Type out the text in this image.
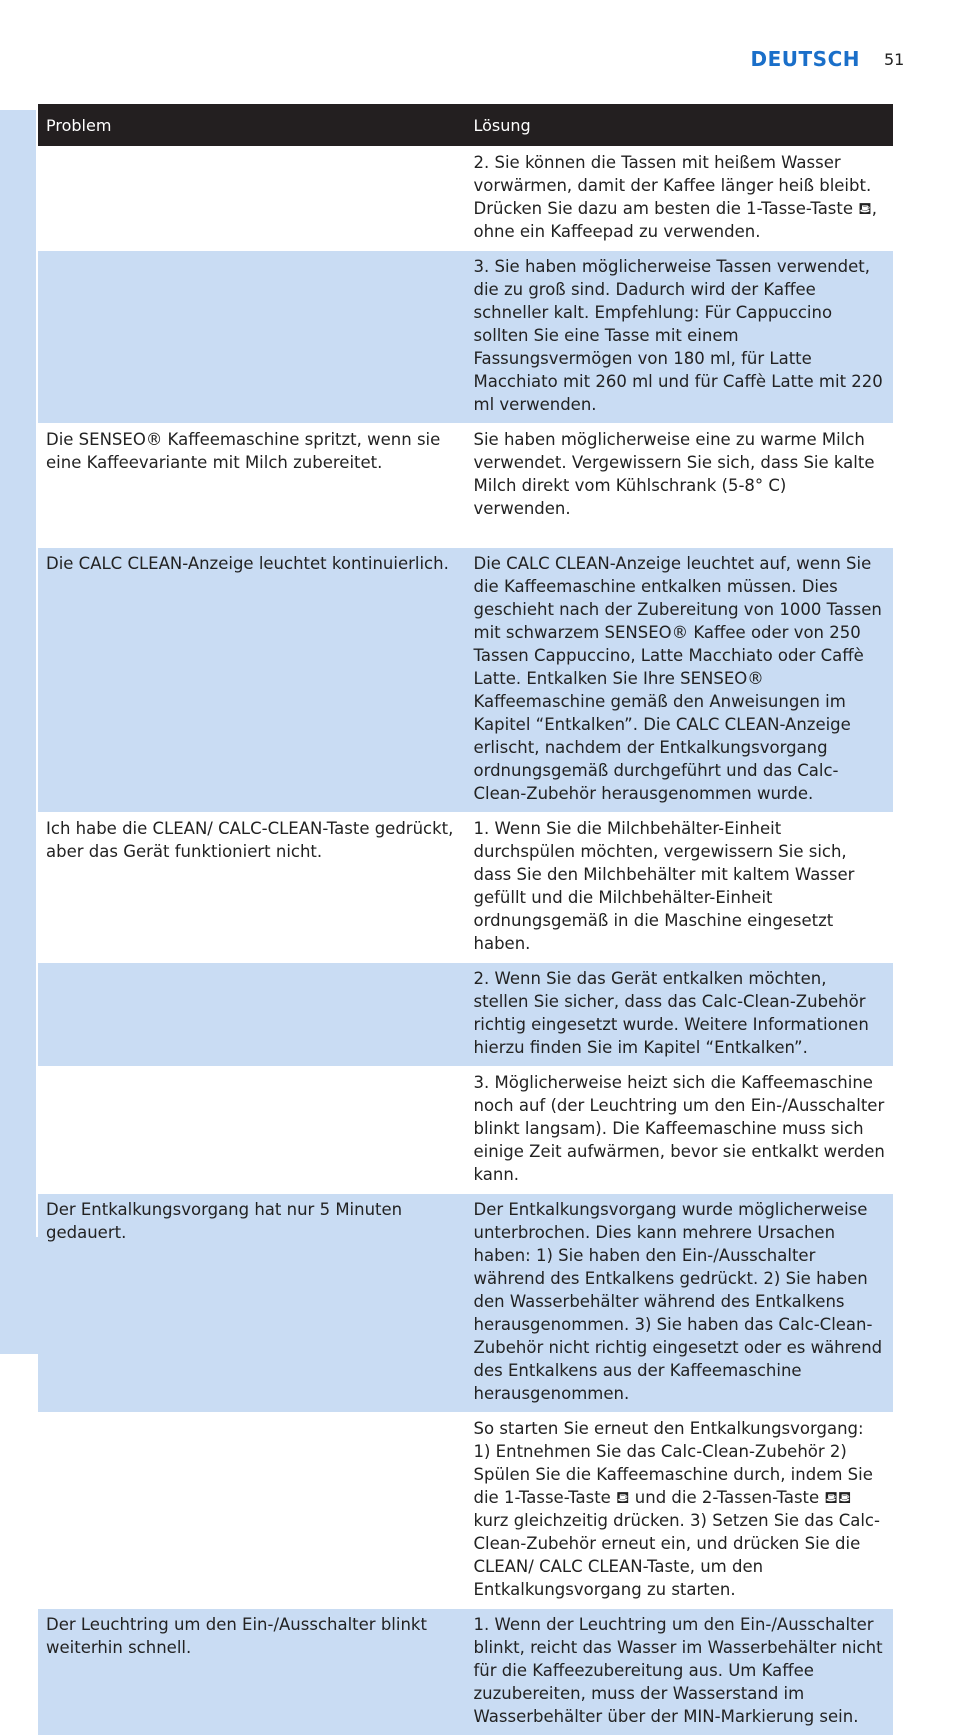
DEUTSCH 51
Problem	Lösung
	2. Sie können die Tassen mit heißem Wasser vorwärmen, damit der Kaffee länger heiß bleibt. Drücken Sie dazu am besten die 1-Tasse-Taste ⛾, ohne ein Kaffeepad zu verwenden.
	3. Sie haben möglicherweise Tassen verwendet, die zu groß sind. Dadurch wird der Kaffee schneller kalt. Empfehlung: Für Cappuccino sollten Sie eine Tasse mit einem Fassungsvermögen von 180 ml, für Latte Macchiato mit 260 ml und für Caffè Latte mit 220 ml verwenden.
Die SENSEO® Kaffeemaschine spritzt, wenn sie eine Kaffeevariante mit Milch zubereitet.	Sie haben möglicherweise eine zu warme Milch verwendet. Vergewissern Sie sich, dass Sie kalte Milch direkt vom Kühlschrank (5-8° C) verwenden.
Die CALC CLEAN-Anzeige leuchtet kontinuierlich.	Die CALC CLEAN-Anzeige leuchtet auf, wenn Sie die Kaffeemaschine entkalken müssen. Dies geschieht nach der Zubereitung von 1000 Tassen mit schwarzem SENSEO® Kaffee oder von 250 Tassen Cappuccino, Latte Macchiato oder Caffè Latte. Entkalken Sie Ihre SENSEO® Kaffeemaschine gemäß den Anweisungen im Kapitel “Entkalken”. Die CALC CLEAN-Anzeige erlischt, nachdem der Entkalkungsvorgang ordnungsgemäß durchgeführt und das Calc-Clean-Zubehör herausgenommen wurde.
Ich habe die CLEAN/ CALC-CLEAN-Taste gedrückt, aber das Gerät funktioniert nicht.	1. Wenn Sie die Milchbehälter-Einheit durchspülen möchten, vergewissern Sie sich, dass Sie den Milchbehälter mit kaltem Wasser gefüllt und die Milchbehälter-Einheit ordnungsgemäß in die Maschine eingesetzt haben.
	2. Wenn Sie das Gerät entkalken möchten, stellen Sie sicher, dass das Calc-Clean-Zubehör richtig eingesetzt wurde. Weitere Informationen hierzu finden Sie im Kapitel “Entkalken”.
	3. Möglicherweise heizt sich die Kaffeemaschine noch auf (der Leuchtring um den Ein-/Ausschalter blinkt langsam). Die Kaffeemaschine muss sich einige Zeit aufwärmen, bevor sie entkalkt werden kann.
Der Entkalkungsvorgang hat nur 5 Minuten gedauert.	Der Entkalkungsvorgang wurde möglicherweise unterbrochen. Dies kann mehrere Ursachen haben: 1) Sie haben den Ein-/Ausschalter während des Entkalkens gedrückt. 2) Sie haben den Wasserbehälter während des Entkalkens herausgenommen. 3) Sie haben das Calc-Clean-Zubehör nicht richtig eingesetzt oder es während des Entkalkens aus der Kaffeemaschine herausgenommen.
	So starten Sie erneut den Entkalkungsvorgang: 1) Entnehmen Sie das Calc-Clean-Zubehör 2) Spülen Sie die Kaffeemaschine durch, indem Sie die 1-Tasse-Taste ⛾ und die 2-Tassen-Taste ⛾⛾ kurz gleichzeitig drücken. 3) Setzen Sie das Calc-Clean-Zubehör erneut ein, und drücken Sie die CLEAN/ CALC CLEAN-Taste, um den Entkalkungsvorgang zu starten.
Der Leuchtring um den Ein-/Ausschalter blinkt weiterhin schnell.	1. Wenn der Leuchtring um den Ein-/Ausschalter blinkt, reicht das Wasser im Wasserbehälter nicht für die Kaffeezubereitung aus. Um Kaffee zuzubereiten, muss der Wasserstand im Wasserbehälter über der MIN-Markierung sein.
